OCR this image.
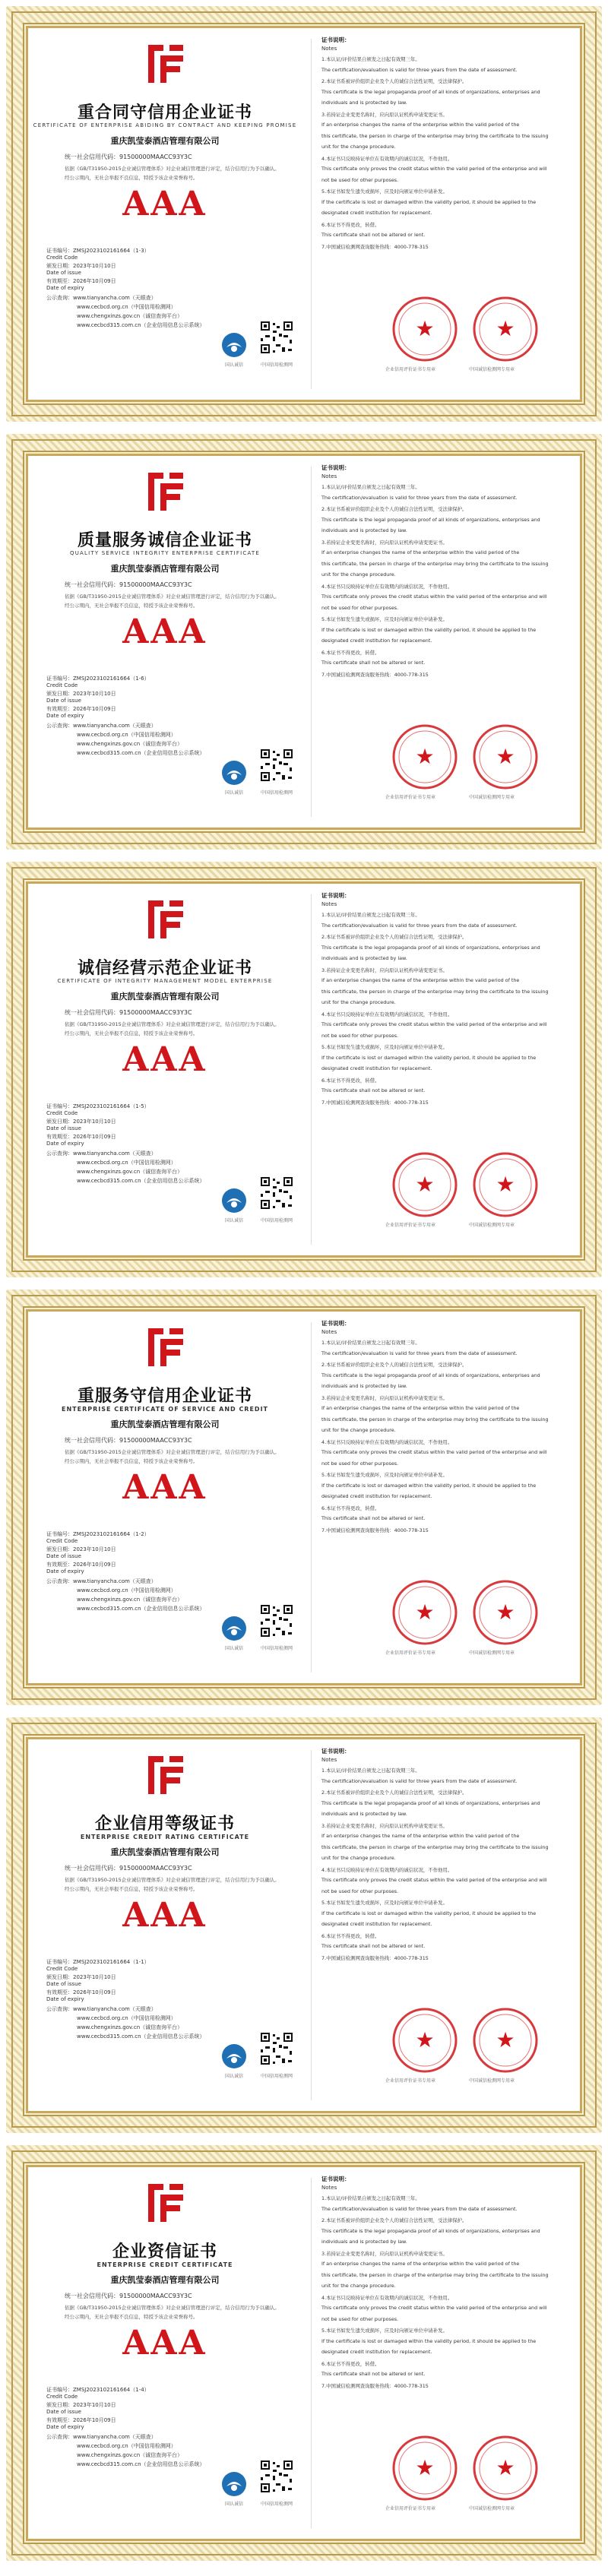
重合同守信用企业证书
CERTIFICATE OF ENTERPRISE ABIDING BY CONTRACT AND KEEPING PROMISE
重庆凯莹泰酒店管理有限公司
统一社会信用代码：91500000MAACC93Y3C
依据《GB/T31950-2015企业诚信管理体系》对企业诚信管理进行评定，结合信用行为予以确认。
经公示期内，无社会举报不良信息，特授予该企业荣誉称号。
AAA
证书编号：ZMSJ2023102161664（1-3）
Credit Code
颁发日期：2023年10月10日
Date of issue
有效期至：2026年10月09日
Date of expiry
公示查询：www.tianyancha.com（天眼查）
www.cecbcd.org.cn（中国信用检测网）
www.chengxinzs.gov.cn（诚信查询平台）
www.cecbcd315.com.cn（企业信用信息公示系统）
国认诚信	中国信用检测网
证书说明：
Notes
1.本认证/评价结果自颁发之日起有效期三年。
The certification/evaluation is valid for three years from the date of assessment.
2.本证书系被评价组织企业及个人的诚信合法性证明，受法律保护。
This certificate is the legal propaganda proof of all kinds of organizations, enterprises and
individuals and is protected by law.
3.若持证企业变更名称时，应向原认证机构申请变更证书。
If an enterprise changes the name of the enterprise within the valid period of the
this certificate, the person in charge of the enterprise may bring the certificate to the issuing
unit for the change procedure.
4.本证书只反映持证单位在有效期内的诚信状况，不作他用。
This certificate only proves the credit status within the valid period of the enterprise and will
not be used for other purposes.
5.本证书如发生遗失或损坏，应及时向颁证单位申请补发。
If the certificate is lost or damaged within the validity period, it should be applied to the
designated credit institution for replacement.
6.本证书不得更改，转借。
This certificate shall not be altered or lent.
7.中国诚信检测网查询服务热线：4000-778-315
★	★
企业信用评价证书专用章	中国诚信检测网专用章
质量服务诚信企业证书
QUALITY SERVICE INTEGRITY ENTERPRISE CERTIFICATE
重庆凯莹泰酒店管理有限公司
统一社会信用代码：91500000MAACC93Y3C
依据《GB/T31950-2015企业诚信管理体系》对企业诚信管理进行评定，结合信用行为予以确认。
经公示期内，无社会举报不良信息，特授予该企业荣誉称号。
AAA
证书编号：ZMSJ2023102161664（1-6）
Credit Code
颁发日期：2023年10月10日
Date of issue
有效期至：2026年10月09日
Date of expiry
公示查询：www.tianyancha.com（天眼查）
www.cecbcd.org.cn（中国信用检测网）
www.chengxinzs.gov.cn（诚信查询平台）
www.cecbcd315.com.cn（企业信用信息公示系统）
国认诚信	中国信用检测网
证书说明：
Notes
1.本认证/评价结果自颁发之日起有效期三年。
The certification/evaluation is valid for three years from the date of assessment.
2.本证书系被评价组织企业及个人的诚信合法性证明，受法律保护。
This certificate is the legal propaganda proof of all kinds of organizations, enterprises and
individuals and is protected by law.
3.若持证企业变更名称时，应向原认证机构申请变更证书。
If an enterprise changes the name of the enterprise within the valid period of the
this certificate, the person in charge of the enterprise may bring the certificate to the issuing
unit for the change procedure.
4.本证书只反映持证单位在有效期内的诚信状况，不作他用。
This certificate only proves the credit status within the valid period of the enterprise and will
not be used for other purposes.
5.本证书如发生遗失或损坏，应及时向颁证单位申请补发。
If the certificate is lost or damaged within the validity period, it should be applied to the
designated credit institution for replacement.
6.本证书不得更改，转借。
This certificate shall not be altered or lent.
7.中国诚信检测网查询服务热线：4000-778-315
★	★
企业信用评价证书专用章	中国诚信检测网专用章
诚信经营示范企业证书
CERTIFICATE OF INTEGRITY MANAGEMENT MODEL ENTERPRISE
重庆凯莹泰酒店管理有限公司
统一社会信用代码：91500000MAACC93Y3C
依据《GB/T31950-2015企业诚信管理体系》对企业诚信管理进行评定，结合信用行为予以确认。
经公示期内，无社会举报不良信息，特授予该企业荣誉称号。
AAA
证书编号：ZMSJ2023102161664（1-5）
Credit Code
颁发日期：2023年10月10日
Date of issue
有效期至：2026年10月09日
Date of expiry
公示查询：www.tianyancha.com（天眼查）
www.cecbcd.org.cn（中国信用检测网）
www.chengxinzs.gov.cn（诚信查询平台）
www.cecbcd315.com.cn（企业信用信息公示系统）
国认诚信	中国信用检测网
证书说明：
Notes
1.本认证/评价结果自颁发之日起有效期三年。
The certification/evaluation is valid for three years from the date of assessment.
2.本证书系被评价组织企业及个人的诚信合法性证明，受法律保护。
This certificate is the legal propaganda proof of all kinds of organizations, enterprises and
individuals and is protected by law.
3.若持证企业变更名称时，应向原认证机构申请变更证书。
If an enterprise changes the name of the enterprise within the valid period of the
this certificate, the person in charge of the enterprise may bring the certificate to the issuing
unit for the change procedure.
4.本证书只反映持证单位在有效期内的诚信状况，不作他用。
This certificate only proves the credit status within the valid period of the enterprise and will
not be used for other purposes.
5.本证书如发生遗失或损坏，应及时向颁证单位申请补发。
If the certificate is lost or damaged within the validity period, it should be applied to the
designated credit institution for replacement.
6.本证书不得更改，转借。
This certificate shall not be altered or lent.
7.中国诚信检测网查询服务热线：4000-778-315
★	★
企业信用评价证书专用章	中国诚信检测网专用章
重服务守信用企业证书
ENTERPRISE CERTIFICATE OF SERVICE AND CREDIT
重庆凯莹泰酒店管理有限公司
统一社会信用代码：91500000MAACC93Y3C
依据《GB/T31950-2015企业诚信管理体系》对企业诚信管理进行评定，结合信用行为予以确认。
经公示期内，无社会举报不良信息，特授予该企业荣誉称号。
AAA
证书编号：ZMSJ2023102161664（1-2）
Credit Code
颁发日期：2023年10月10日
Date of issue
有效期至：2026年10月09日
Date of expiry
公示查询：www.tianyancha.com（天眼查）
www.cecbcd.org.cn（中国信用检测网）
www.chengxinzs.gov.cn（诚信查询平台）
www.cecbcd315.com.cn（企业信用信息公示系统）
国认诚信	中国信用检测网
证书说明：
Notes
1.本认证/评价结果自颁发之日起有效期三年。
The certification/evaluation is valid for three years from the date of assessment.
2.本证书系被评价组织企业及个人的诚信合法性证明，受法律保护。
This certificate is the legal propaganda proof of all kinds of organizations, enterprises and
individuals and is protected by law.
3.若持证企业变更名称时，应向原认证机构申请变更证书。
If an enterprise changes the name of the enterprise within the valid period of the
this certificate, the person in charge of the enterprise may bring the certificate to the issuing
unit for the change procedure.
4.本证书只反映持证单位在有效期内的诚信状况，不作他用。
This certificate only proves the credit status within the valid period of the enterprise and will
not be used for other purposes.
5.本证书如发生遗失或损坏，应及时向颁证单位申请补发。
If the certificate is lost or damaged within the validity period, it should be applied to the
designated credit institution for replacement.
6.本证书不得更改，转借。
This certificate shall not be altered or lent.
7.中国诚信检测网查询服务热线：4000-778-315
★	★
企业信用评价证书专用章	中国诚信检测网专用章
企业信用等级证书
ENTERPRISE CREDIT RATING CERTIFICATE
重庆凯莹泰酒店管理有限公司
统一社会信用代码：91500000MAACC93Y3C
依据《GB/T31950-2015企业诚信管理体系》对企业诚信管理进行评定，结合信用行为予以确认。
经公示期内，无社会举报不良信息，特授予该企业荣誉称号。
AAA
证书编号：ZMSJ2023102161664（1-1）
Credit Code
颁发日期：2023年10月10日
Date of issue
有效期至：2026年10月09日
Date of expiry
公示查询：www.tianyancha.com（天眼查）
www.cecbcd.org.cn（中国信用检测网）
www.chengxinzs.gov.cn（诚信查询平台）
www.cecbcd315.com.cn（企业信用信息公示系统）
国认诚信	中国信用检测网
证书说明：
Notes
1.本认证/评价结果自颁发之日起有效期三年。
The certification/evaluation is valid for three years from the date of assessment.
2.本证书系被评价组织企业及个人的诚信合法性证明，受法律保护。
This certificate is the legal propaganda proof of all kinds of organizations, enterprises and
individuals and is protected by law.
3.若持证企业变更名称时，应向原认证机构申请变更证书。
If an enterprise changes the name of the enterprise within the valid period of the
this certificate, the person in charge of the enterprise may bring the certificate to the issuing
unit for the change procedure.
4.本证书只反映持证单位在有效期内的诚信状况，不作他用。
This certificate only proves the credit status within the valid period of the enterprise and will
not be used for other purposes.
5.本证书如发生遗失或损坏，应及时向颁证单位申请补发。
If the certificate is lost or damaged within the validity period, it should be applied to the
designated credit institution for replacement.
6.本证书不得更改，转借。
This certificate shall not be altered or lent.
7.中国诚信检测网查询服务热线：4000-778-315
★	★
企业信用评价证书专用章	中国诚信检测网专用章
企业资信证书
ENTERPRISE CREDIT CERTIFICATE
重庆凯莹泰酒店管理有限公司
统一社会信用代码：91500000MAACC93Y3C
依据《GB/T31950-2015企业诚信管理体系》对企业诚信管理进行评定，结合信用行为予以确认。
经公示期内，无社会举报不良信息，特授予该企业荣誉称号。
AAA
证书编号：ZMSJ2023102161664（1-4）
Credit Code
颁发日期：2023年10月10日
Date of issue
有效期至：2026年10月09日
Date of expiry
公示查询：www.tianyancha.com（天眼查）
www.cecbcd.org.cn（中国信用检测网）
www.chengxinzs.gov.cn（诚信查询平台）
www.cecbcd315.com.cn（企业信用信息公示系统）
国认诚信	中国信用检测网
证书说明：
Notes
1.本认证/评价结果自颁发之日起有效期三年。
The certification/evaluation is valid for three years from the date of assessment.
2.本证书系被评价组织企业及个人的诚信合法性证明，受法律保护。
This certificate is the legal propaganda proof of all kinds of organizations, enterprises and
individuals and is protected by law.
3.若持证企业变更名称时，应向原认证机构申请变更证书。
If an enterprise changes the name of the enterprise within the valid period of the
this certificate, the person in charge of the enterprise may bring the certificate to the issuing
unit for the change procedure.
4.本证书只反映持证单位在有效期内的诚信状况，不作他用。
This certificate only proves the credit status within the valid period of the enterprise and will
not be used for other purposes.
5.本证书如发生遗失或损坏，应及时向颁证单位申请补发。
If the certificate is lost or damaged within the validity period, it should be applied to the
designated credit institution for replacement.
6.本证书不得更改，转借。
This certificate shall not be altered or lent.
7.中国诚信检测网查询服务热线：4000-778-315
★	★
企业信用评价证书专用章	中国诚信检测网专用章
